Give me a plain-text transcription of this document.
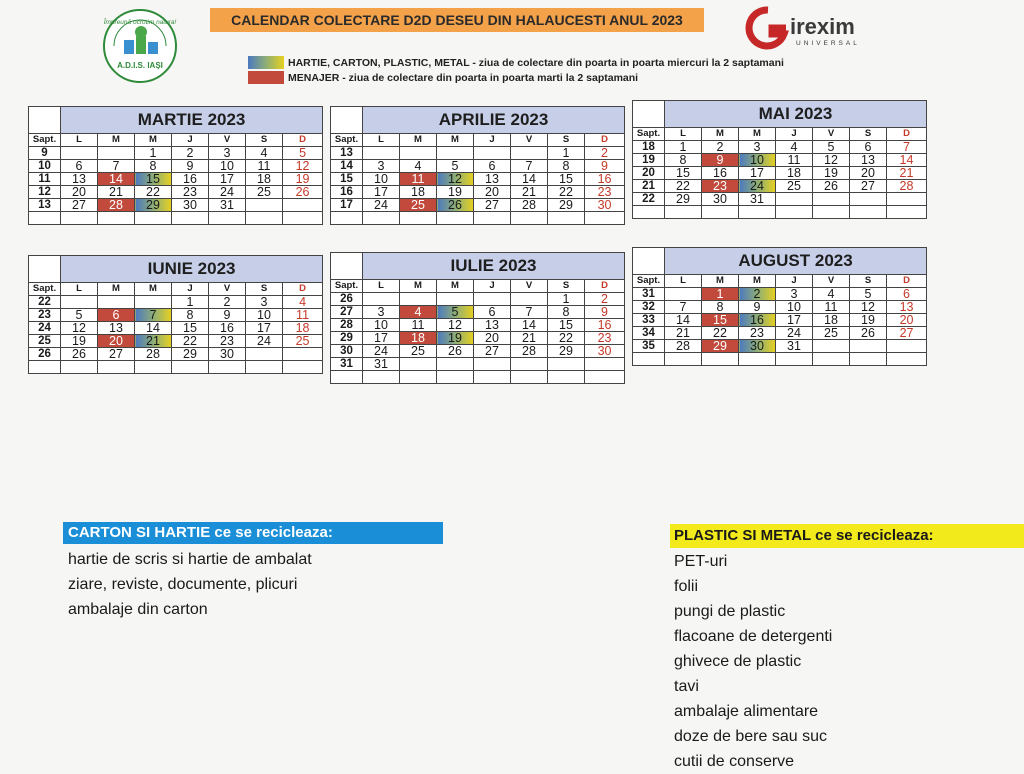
CALENDAR COLECTARE D2D DESEU DIN HALAUCESTI ANUL 2023
Împreună ocrotim natura!
A.D.I.S. IAȘI
irexim
UNIVERSAL
HARTIE, CARTON, PLASTIC, METAL - ziua de colectare din poarta in poarta miercuri la 2 saptamani
MENAJER - ziua de colectare din poarta in poarta marti la 2 saptamani
	MARTIE 2023						
Sapt.	L	M	M	J	V	S	D
9			1	2	3	4	5
10	6	7	8	9	10	11	12
11	13	14	15	16	17	18	19
12	20	21	22	23	24	25	26
13	27	28	29	30	31		

	APRILIE 2023						
Sapt.	L	M	M	J	V	S	D
13						1	2
14	3	4	5	6	7	8	9
15	10	11	12	13	14	15	16
16	17	18	19	20	21	22	23
17	24	25	26	27	28	29	30

	MAI 2023						
Sapt.	L	M	M	J	V	S	D
18	1	2	3	4	5	6	7
19	8	9	10	11	12	13	14
20	15	16	17	18	19	20	21
21	22	23	24	25	26	27	28
22	29	30	31				

	IUNIE 2023						
Sapt.	L	M	M	J	V	S	D
22				1	2	3	4
23	5	6	7	8	9	10	11
24	12	13	14	15	16	17	18
25	19	20	21	22	23	24	25
26	26	27	28	29	30		

	IULIE 2023						
Sapt.	L	M	M	J	V	S	D
26						1	2
27	3	4	5	6	7	8	9
28	10	11	12	13	14	15	16
29	17	18	19	20	21	22	23
30	24	25	26	27	28	29	30
31	31						

	AUGUST 2023						
Sapt.	L	M	M	J	V	S	D
31		1	2	3	4	5	6
32	7	8	9	10	11	12	13
33	14	15	16	17	18	19	20
34	21	22	23	24	25	26	27
35	28	29	30	31			

CARTON SI HARTIE ce se recicleaza:
hartie de scris si hartie de ambalat
ziare, reviste, documente, plicuri
ambalaje din carton
PLASTIC SI METAL ce se recicleaza:
PET-uri
folii
pungi de plastic
flacoane de detergenti
ghivece de plastic
tavi
ambalaje alimentare
doze de bere sau suc
cutii de conserve
